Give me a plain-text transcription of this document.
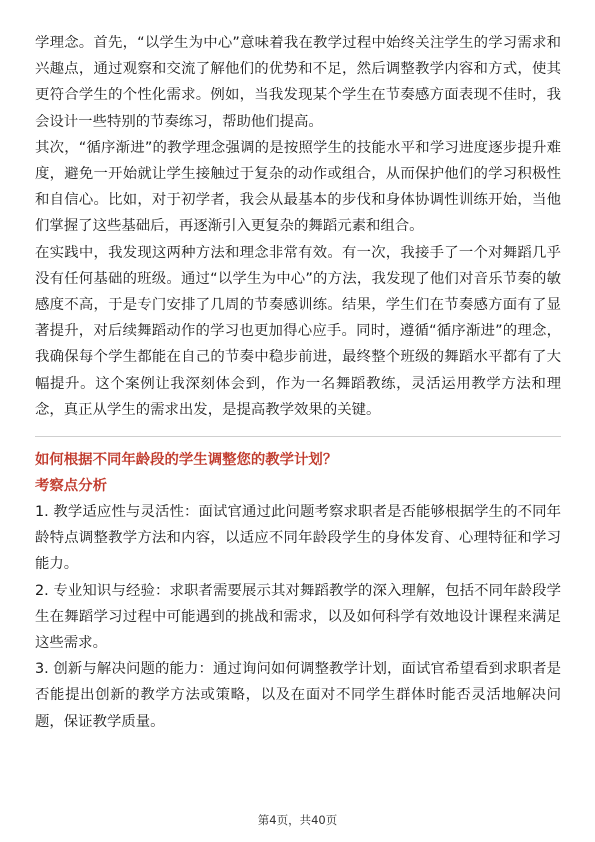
学理念。首先，“以学生为中心”意味着我在教学过程中始终关注学生的学习需求和兴趣点，通过观察和交流了解他们的优势和不足，然后调整教学内容和方式，使其更符合学生的个性化需求。例如，当我发现某个学生在节奏感方面表现不佳时，我会设计一些特别的节奏练习，帮助他们提高。

其次，“循序渐进”的教学理念强调的是按照学生的技能水平和学习进度逐步提升难度，避免一开始就让学生接触过于复杂的动作或组合，从而保护他们的学习积极性和自信心。比如，对于初学者，我会从最基本的步伐和身体协调性训练开始，当他们掌握了这些基础后，再逐渐引入更复杂的舞蹈元素和组合。

在实践中，我发现这两种方法和理念非常有效。有一次，我接手了一个对舞蹈几乎没有任何基础的班级。通过“以学生为中心”的方法，我发现了他们对音乐节奏的敏感度不高，于是专门安排了几周的节奏感训练。结果，学生们在节奏感方面有了显著提升，对后续舞蹈动作的学习也更加得心应手。同时，遵循“循序渐进”的理念，我确保每个学生都能在自己的节奏中稳步前进，最终整个班级的舞蹈水平都有了大幅提升。这个案例让我深刻体会到，作为一名舞蹈教练，灵活运用教学方法和理念，真正从学生的需求出发，是提高教学效果的关键。

如何根据不同年龄段的学生调整您的教学计划？

考察点分析

1. 教学适应性与灵活性：面试官通过此问题考察求职者是否能够根据学生的不同年龄特点调整教学方法和内容，以适应不同年龄段学生的身体发育、心理特征和学习能力。

2. 专业知识与经验：求职者需要展示其对舞蹈教学的深入理解，包括不同年龄段学生在舞蹈学习过程中可能遇到的挑战和需求，以及如何科学有效地设计课程来满足这些需求。

3. 创新与解决问题的能力：通过询问如何调整教学计划，面试官希望看到求职者是否能提出创新的教学方法或策略，以及在面对不同学生群体时能否灵活地解决问题，保证教学质量。

第4页，共40页
